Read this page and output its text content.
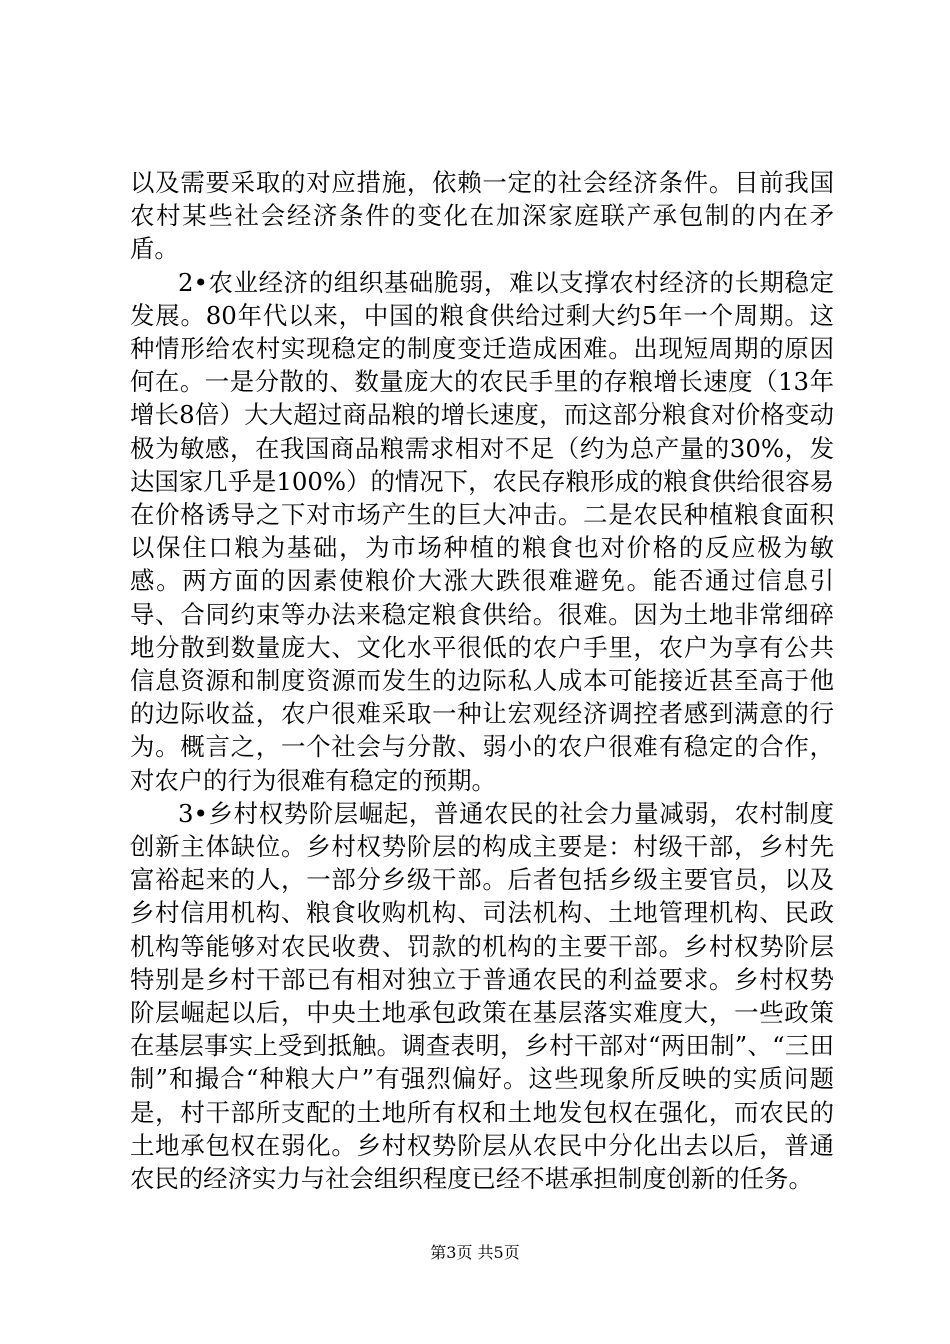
以及需要采取的对应措施，依赖一定的社会经济条件。目前我国农村某些社会经济条件的变化在加深家庭联产承包制的内在矛盾。

2•农业经济的组织基础脆弱，难以支撑农村经济的长期稳定发展。80年代以来，中国的粮食供给过剩大约5年一个周期。这种情形给农村实现稳定的制度变迁造成困难。出现短周期的原因何在。一是分散的、数量庞大的农民手里的存粮增长速度（13年增长8倍）大大超过商品粮的增长速度，而这部分粮食对价格变动极为敏感，在我国商品粮需求相对不足（约为总产量的30%，发达国家几乎是100%）的情况下，农民存粮形成的粮食供给很容易在价格诱导之下对市场产生的巨大冲击。二是农民种植粮食面积以保住口粮为基础，为市场种植的粮食也对价格的反应极为敏感。两方面的因素使粮价大涨大跌很难避免。能否通过信息引导、合同约束等办法来稳定粮食供给。很难。因为土地非常细碎地分散到数量庞大、文化水平很低的农户手里，农户为享有公共信息资源和制度资源而发生的边际私人成本可能接近甚至高于他的边际收益，农户很难采取一种让宏观经济调控者感到满意的行为。概言之，一个社会与分散、弱小的农户很难有稳定的合作，对农户的行为很难有稳定的预期。

3•乡村权势阶层崛起，普通农民的社会力量减弱，农村制度创新主体缺位。乡村权势阶层的构成主要是：村级干部，乡村先富裕起来的人，一部分乡级干部。后者包括乡级主要官员，以及乡村信用机构、粮食收购机构、司法机构、土地管理机构、民政机构等能够对农民收费、罚款的机构的主要干部。乡村权势阶层特别是乡村干部已有相对独立于普通农民的利益要求。乡村权势阶层崛起以后，中央土地承包政策在基层落实难度大，一些政策在基层事实上受到抵触。调查表明，乡村干部对“两田制”、“三田制”和撮合“种粮大户”有强烈偏好。这些现象所反映的实质问题是，村干部所支配的土地所有权和土地发包权在强化，而农民的土地承包权在弱化。乡村权势阶层从农民中分化出去以后，普通农民的经济实力与社会组织程度已经不堪承担制度创新的任务。

第3页 共5页
